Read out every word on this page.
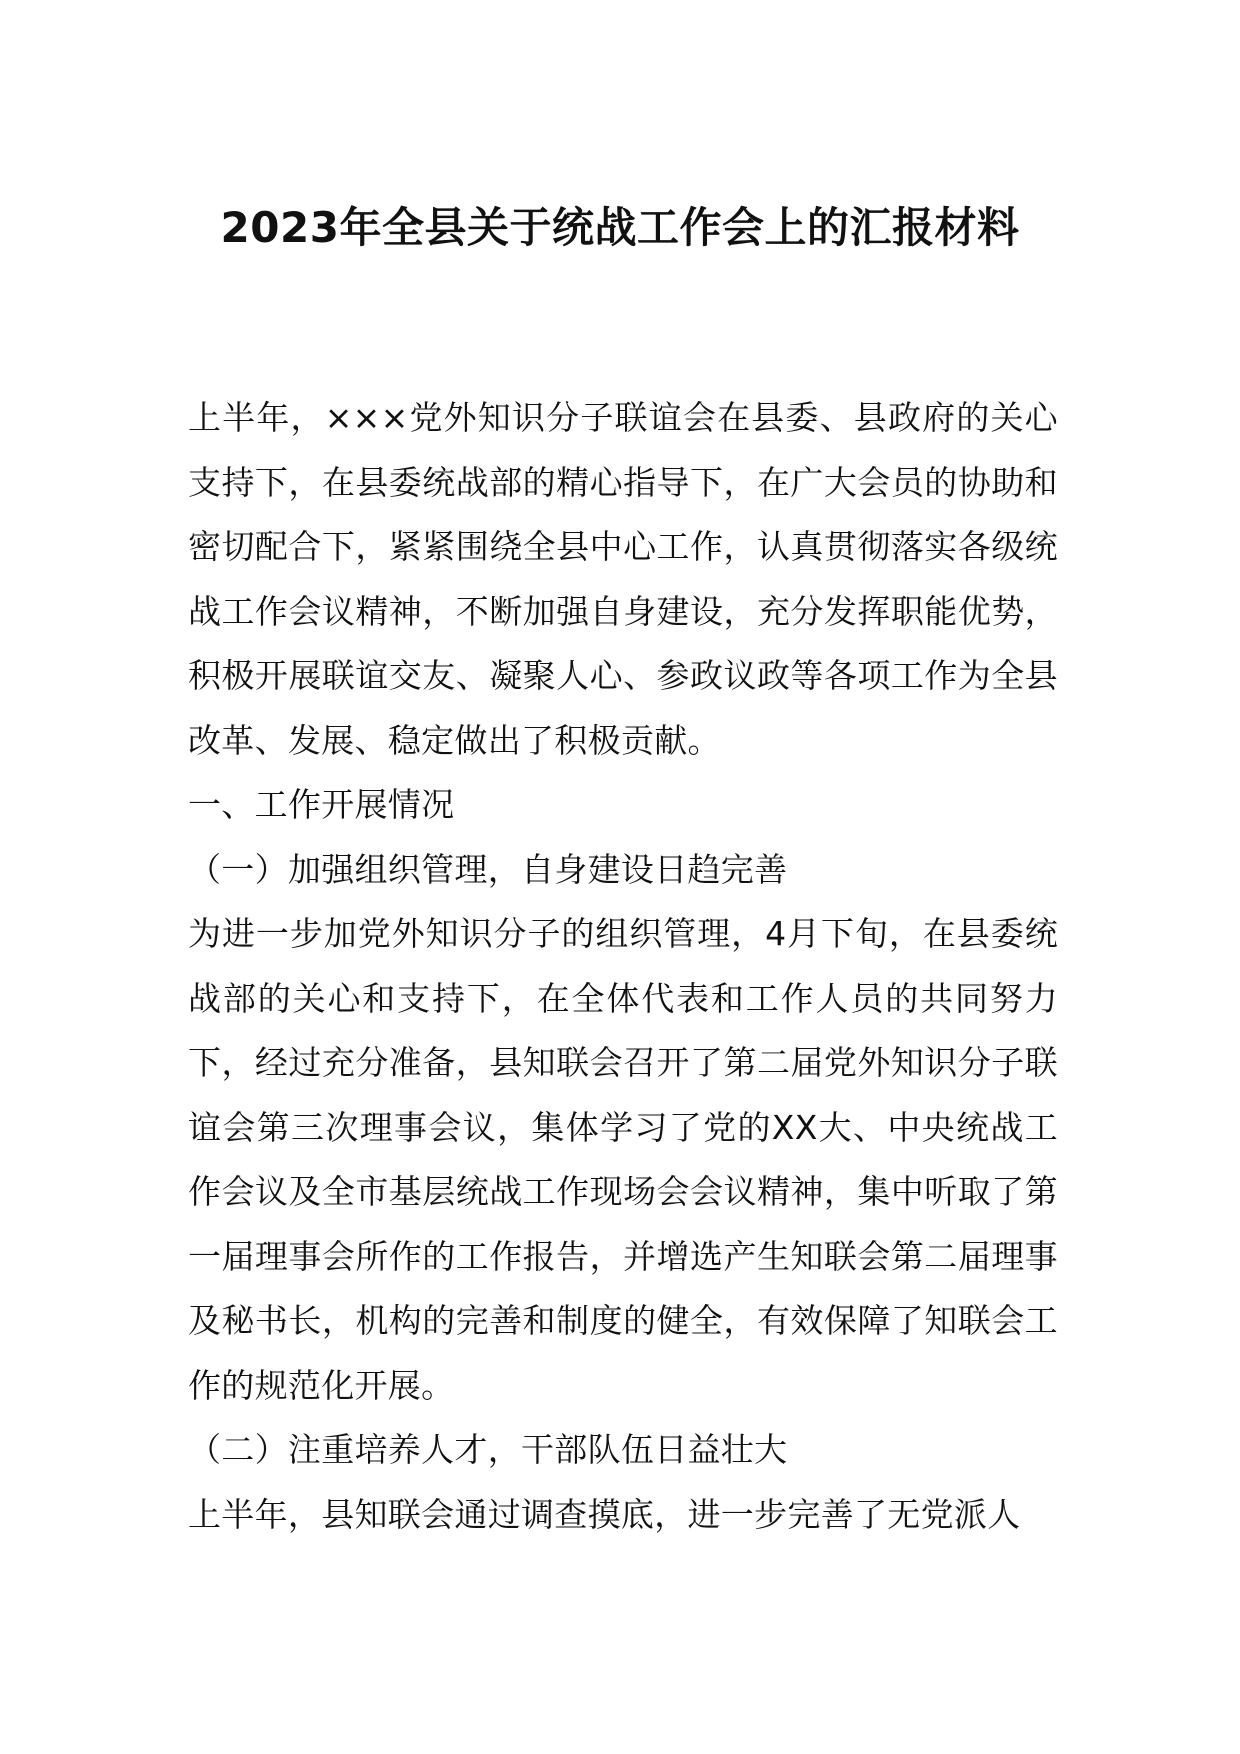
2023年全县关于统战工作会上的汇报材料

上半年，×××党外知识分子联谊会在县委、县政府的关心支持下，在县委统战部的精心指导下，在广大会员的协助和密切配合下，紧紧围绕全县中心工作，认真贯彻落实各级统战工作会议精神，不断加强自身建设，充分发挥职能优势，积极开展联谊交友、凝聚人心、参政议政等各项工作为全县改革、发展、稳定做出了积极贡献。

一、工作开展情况

（一）加强组织管理，自身建设日趋完善

为进一步加党外知识分子的组织管理，4月下旬，在县委统战部的关心和支持下，在全体代表和工作人员的共同努力下，经过充分准备，县知联会召开了第二届党外知识分子联谊会第三次理事会议，集体学习了党的XX大、中央统战工作会议及全市基层统战工作现场会会议精神，集中听取了第一届理事会所作的工作报告，并增选产生知联会第二届理事及秘书长，机构的完善和制度的健全，有效保障了知联会工作的规范化开展。

（二）注重培养人才，干部队伍日益壮大

上半年，县知联会通过调查摸底，进一步完善了无党派人
